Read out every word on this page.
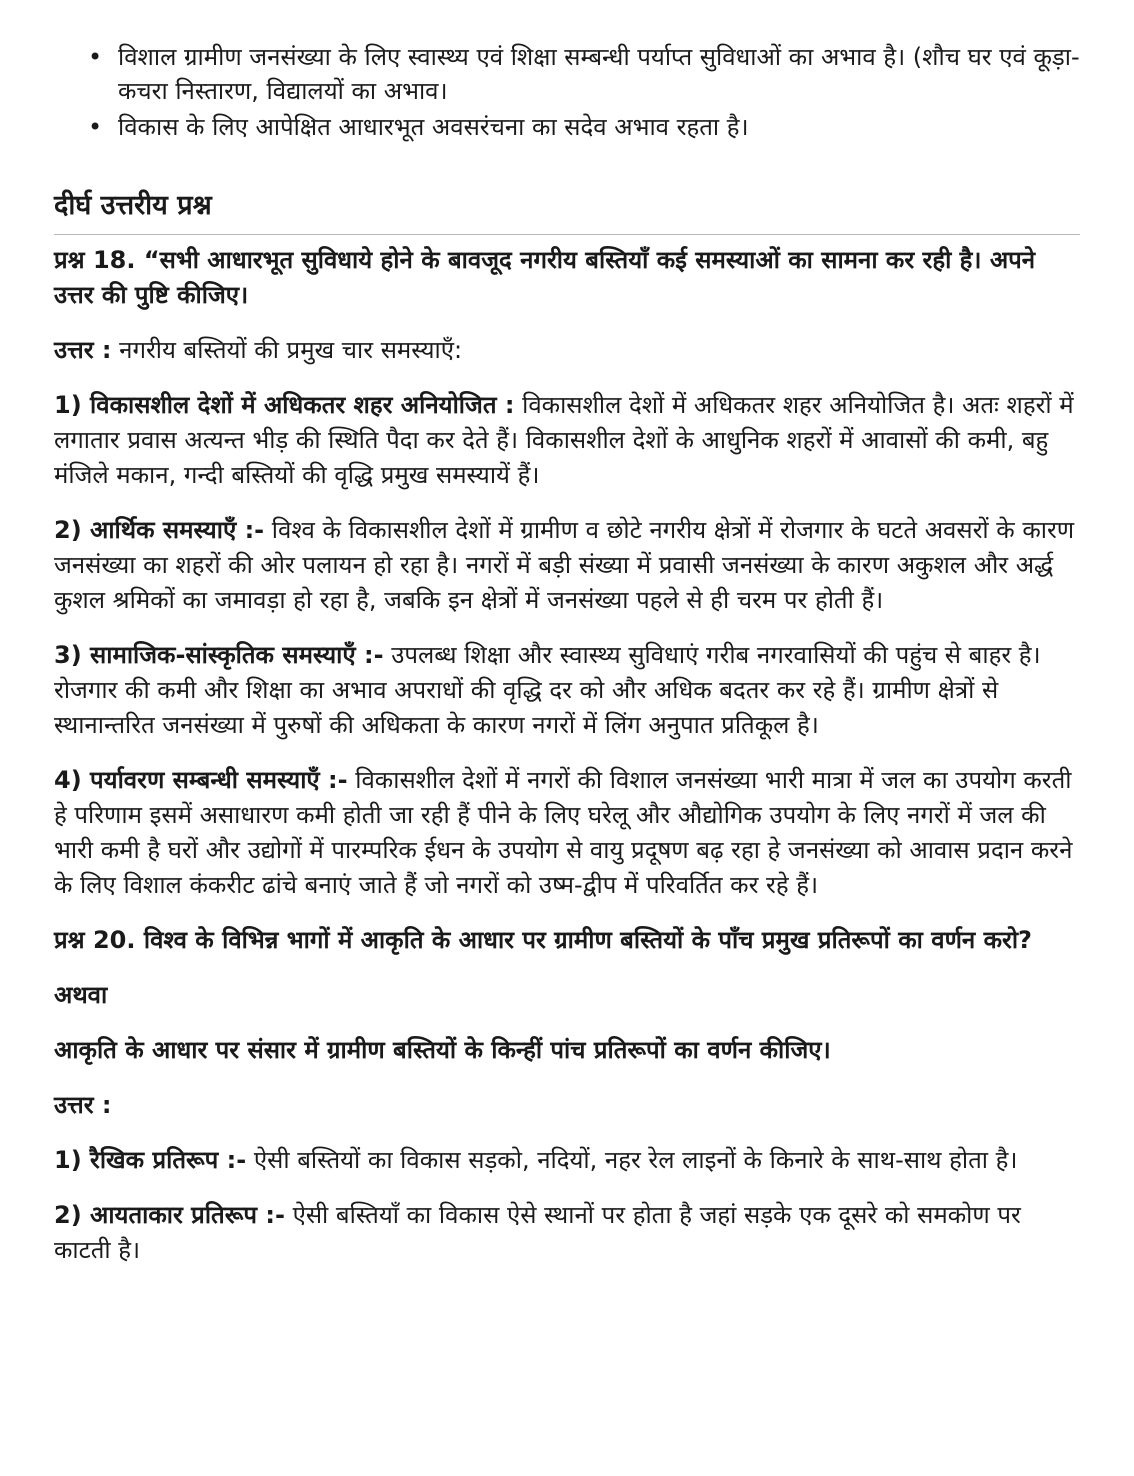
• विशाल ग्रामीण जनसंख्या के लिए स्वास्थ्य एवं शिक्षा सम्बन्धी पर्याप्त सुविधाओं का अभाव है। (शौच घर एवं कूड़ा-कचरा निस्तारण, विद्यालयों का अभाव।
• विकास के लिए आपेक्षित आधारभूत अवसरंचना का सदेव अभाव रहता है।
दीर्घ उत्तरीय प्रश्न
प्रश्न 18. “सभी आधारभूत सुविधाये होने के बावजूद नगरीय बस्तियाँ कई समस्याओं का सामना कर रही है। अपने उत्तर की पुष्टि कीजिए।
उत्तर : नगरीय बस्तियों की प्रमुख चार समस्याएँ:
1) विकासशील देशों में अधिकतर शहर अनियोजित : विकासशील देशों में अधिकतर शहर अनियोजित है। अतः शहरों में लगातार प्रवास अत्यन्त भीड़ की स्थिति पैदा कर देते हैं। विकासशील देशों के आधुनिक शहरों में आवासों की कमी, बहु मंजिले मकान, गन्दी बस्तियों की वृद्धि प्रमुख समस्यायें हैं।
2) आर्थिक समस्याएँ :- विश्व के विकासशील देशों में ग्रामीण व छोटे नगरीय क्षेत्रों में रोजगार के घटते अवसरों के कारण जनसंख्या का शहरों की ओर पलायन हो रहा है। नगरों में बड़ी संख्या में प्रवासी जनसंख्या के कारण अकुशल और अर्द्ध कुशल श्रमिकों का जमावड़ा हो रहा है, जबकि इन क्षेत्रों में जनसंख्या पहले से ही चरम पर होती हैं।
3) सामाजिक-सांस्कृतिक समस्याएँ :- उपलब्ध शिक्षा और स्वास्थ्य सुविधाएं गरीब नगरवासियों की पहुंच से बाहर है। रोजगार की कमी और शिक्षा का अभाव अपराधों की वृद्धि दर को और अधिक बदतर कर रहे हैं। ग्रामीण क्षेत्रों से स्थानान्तरित जनसंख्या में पुरुषों की अधिकता के कारण नगरों में लिंग अनुपात प्रतिकूल है।
4) पर्यावरण सम्बन्धी समस्याएँ :- विकासशील देशों में नगरों की विशाल जनसंख्या भारी मात्रा में जल का उपयोग करती हे परिणाम इसमें असाधारण कमी होती जा रही हैं पीने के लिए घरेलू और औद्योगिक उपयोग के लिए नगरों में जल की भारी कमी है घरों और उद्योगों में पारम्परिक ईधन के उपयोग से वायु प्रदूषण बढ़ रहा हे जनसंख्या को आवास प्रदान करने के लिए विशाल कंकरीट ढांचे बनाएं जाते हैं जो नगरों को उष्म-द्वीप में परिवर्तित कर रहे हैं।
प्रश्न 20. विश्व के विभिन्न भागों में आकृति के आधार पर ग्रामीण बस्तियों के पाँच प्रमुख प्रतिरूपों का वर्णन करो?
अथवा
आकृति के आधार पर संसार में ग्रामीण बस्तियों के किन्हीं पांच प्रतिरूपों का वर्णन कीजिए।
उत्तर :
1) रैखिक प्रतिरूप :- ऐसी बस्तियों का विकास सड़को, नदियों, नहर रेल लाइनों के किनारे के साथ-साथ होता है।
2) आयताकार प्रतिरूप :- ऐसी बस्तियाँ का विकास ऐसे स्थानों पर होता है जहां सड़के एक दूसरे को समकोण पर काटती है।
